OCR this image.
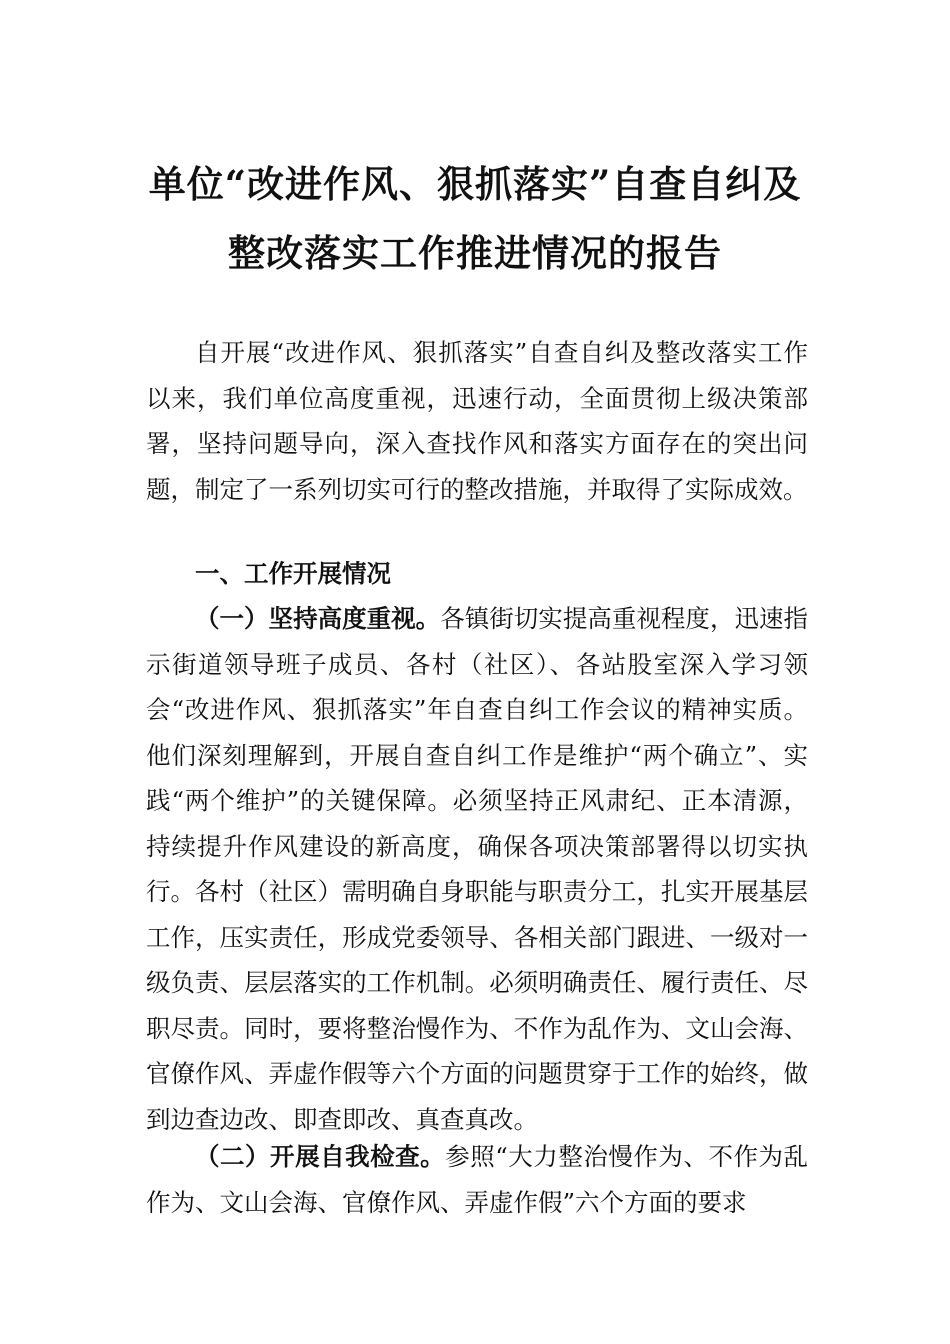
单位“改进作风、狠抓落实”自查自纠及
整改落实工作推进情况的报告

自开展“改进作风、狠抓落实”自查自纠及整改落实工作以来，我们单位高度重视，迅速行动，全面贯彻上级决策部署，坚持问题导向，深入查找作风和落实方面存在的突出问题，制定了一系列切实可行的整改措施，并取得了实际成效。

一、工作开展情况

（一）坚持高度重视。各镇街切实提高重视程度，迅速指示街道领导班子成员、各村（社区）、各站股室深入学习领会“改进作风、狠抓落实”年自查自纠工作会议的精神实质。他们深刻理解到，开展自查自纠工作是维护“两个确立”、实践“两个维护”的关键保障。必须坚持正风肃纪、正本清源，持续提升作风建设的新高度，确保各项决策部署得以切实执行。各村（社区）需明确自身职能与职责分工，扎实开展基层工作，压实责任，形成党委领导、各相关部门跟进、一级对一级负责、层层落实的工作机制。必须明确责任、履行责任、尽职尽责。同时，要将整治慢作为、不作为乱作为、文山会海、官僚作风、弄虚作假等六个方面的问题贯穿于工作的始终，做到边查边改、即查即改、真查真改。

（二）开展自我检查。参照“大力整治慢作为、不作为乱作为、文山会海、官僚作风、弄虚作假”六个方面的要求
